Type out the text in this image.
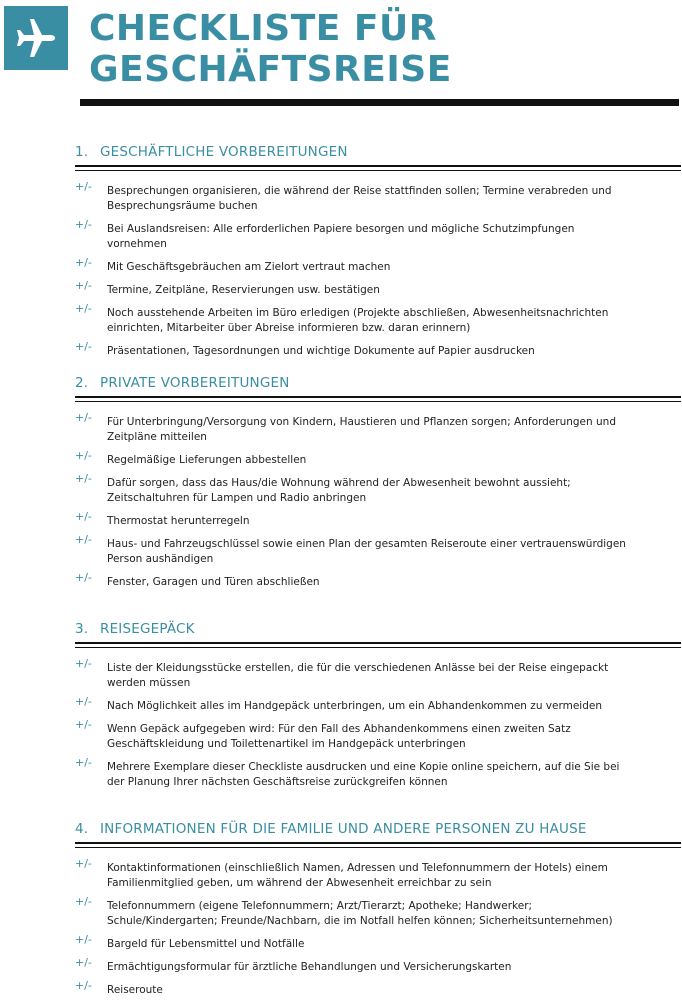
CHECKLISTE FÜR
GESCHÄFTSREISE
1. GESCHÄFTLICHE VORBEREITUNGEN
+/- Besprechungen organisieren, die während der Reise stattfinden sollen; Termine verabreden und Besprechungsräume buchen
+/- Bei Auslandsreisen: Alle erforderlichen Papiere besorgen und mögliche Schutzimpfungen vornehmen
+/- Mit Geschäftsgebräuchen am Zielort vertraut machen
+/- Termine, Zeitpläne, Reservierungen usw. bestätigen
+/- Noch ausstehende Arbeiten im Büro erledigen (Projekte abschließen, Abwesenheitsnachrichten einrichten, Mitarbeiter über Abreise informieren bzw. daran erinnern)
+/- Präsentationen, Tagesordnungen und wichtige Dokumente auf Papier ausdrucken
2. PRIVATE VORBEREITUNGEN
+/- Für Unterbringung/Versorgung von Kindern, Haustieren und Pflanzen sorgen; Anforderungen und Zeitpläne mitteilen
+/- Regelmäßige Lieferungen abbestellen
+/- Dafür sorgen, dass das Haus/die Wohnung während der Abwesenheit bewohnt aussieht; Zeitschaltuhren für Lampen und Radio anbringen
+/- Thermostat herunterregeln
+/- Haus- und Fahrzeugschlüssel sowie einen Plan der gesamten Reiseroute einer vertrauenswürdigen Person aushändigen
+/- Fenster, Garagen und Türen abschließen
3. REISEGEPÄCK
+/- Liste der Kleidungsstücke erstellen, die für die verschiedenen Anlässe bei der Reise eingepackt werden müssen
+/- Nach Möglichkeit alles im Handgepäck unterbringen, um ein Abhandenkommen zu vermeiden
+/- Wenn Gepäck aufgegeben wird: Für den Fall des Abhandenkommens einen zweiten Satz Geschäftskleidung und Toilettenartikel im Handgepäck unterbringen
+/- Mehrere Exemplare dieser Checkliste ausdrucken und eine Kopie online speichern, auf die Sie bei der Planung Ihrer nächsten Geschäftsreise zurückgreifen können
4. INFORMATIONEN FÜR DIE FAMILIE UND ANDERE PERSONEN ZU HAUSE
+/- Kontaktinformationen (einschließlich Namen, Adressen und Telefonnummern der Hotels) einem Familienmitglied geben, um während der Abwesenheit erreichbar zu sein
+/- Telefonnummern (eigene Telefonnummern; Arzt/Tierarzt; Apotheke; Handwerker; Schule/Kindergarten; Freunde/Nachbarn, die im Notfall helfen können; Sicherheitsunternehmen)
+/- Bargeld für Lebensmittel und Notfälle
+/- Ermächtigungsformular für ärztliche Behandlungen und Versicherungskarten
+/- Reiseroute
